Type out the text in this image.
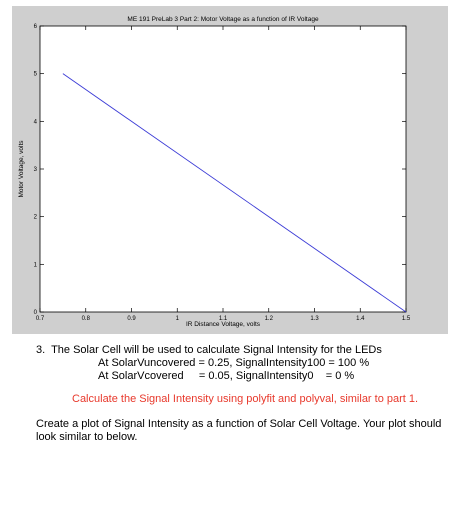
ME 191 PreLab 3 Part 2: Motor Voltage as a function of IR Voltage
IR Distance Voltage, volts
Motor Voltage, volts
0.7	0.8	0.9	1	1.1	1.2	1.3	1.4	1.5
0
1
2
3
4
5
6
3.  The Solar Cell will be used to calculate Signal Intensity for the LEDs
At SolarVuncovered = 0.25, SignalIntensity100 = 100 %
At SolarVcovered     = 0.05, SignalIntensity0    = 0 %
Calculate the Signal Intensity using polyfit and polyval, similar to part 1.
Create a plot of Signal Intensity as a function of Solar Cell Voltage. Your plot should look similar to below.
